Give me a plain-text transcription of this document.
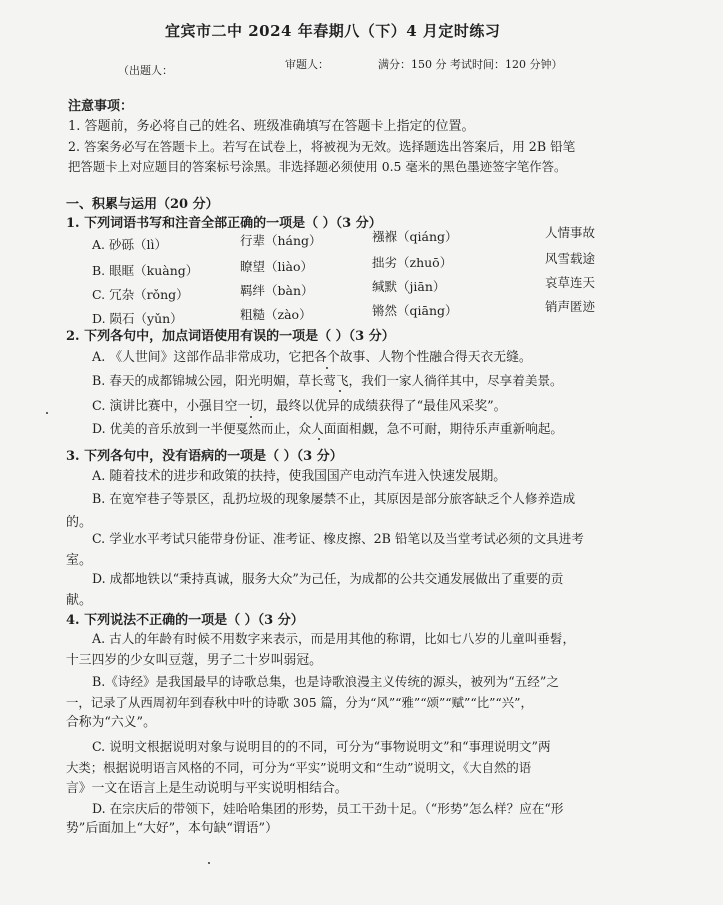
宜宾市二中 2024 年春期八（下）4 月定时练习
（出题人：	审题人：	满分：150 分 考试时间：120 分钟）
注意事项：
1. 答题前，务必将自己的姓名、班级准确填写在答题卡上指定的位置。
2. 答案务必写在答题卡上。若写在试卷上，将被视为无效。选择题选出答案后，用 2B 铅笔
把答题卡上对应题目的答案标号涂黑。非选择题必须使用 0.5 毫米的黑色墨迹签字笔作答。
一、积累与运用（20 分）
1. 下列词语书写和注音全部正确的一项是（ ）（3 分）
A. 砂砾（lì）	行辈（háng）	襁褓（qiáng）	人情事故
B. 眼眶（kuàng）	瞭望（liào）	拙劣（zhuō）	风雪载途
C. 冗杂（rǒng）	羁绊（bàn）	缄默（jiān）	哀草连天
D. 陨石（yǔn）	粗糙（zào）	锵然（qiāng）	销声匿迹
2. 下列各句中，加点词语使用有误的一项是（ ）（3 分）
A. 《人世间》这部作品非常成功，它把各个故事、人物个性融合得天衣无缝。
B. 春天的成都锦城公园，阳光明媚，草长莺飞，我们一家人徜徉其中，尽享着美景。
C. 演讲比赛中，小强目空一切，最终以优异的成绩获得了“最佳风采奖”。
D. 优美的音乐放到一半便戛然而止，众人面面相觑，急不可耐，期待乐声重新响起。
3. 下列各句中，没有语病的一项是（ ）（3 分）
A. 随着技术的进步和政策的扶持，使我国国产电动汽车进入快速发展期。
B. 在宽窄巷子等景区，乱扔垃圾的现象屡禁不止，其原因是部分旅客缺乏个人修养造成
的。
C. 学业水平考试只能带身份证、准考证、橡皮擦、2B 铅笔以及当堂考试必须的文具进考
室。
D. 成都地铁以“秉持真诚，服务大众”为己任，为成都的公共交通发展做出了重要的贡
献。
4. 下列说法不正确的一项是（ ）（3 分）
A. 古人的年龄有时候不用数字来表示，而是用其他的称谓，比如七八岁的儿童叫垂髫，
十三四岁的少女叫豆蔻，男子二十岁叫弱冠。
B.《诗经》是我国最早的诗歌总集，也是诗歌浪漫主义传统的源头，被列为“五经”之
一，记录了从西周初年到春秋中叶的诗歌 305 篇，分为“风”“雅”“颂”“赋”“比”“兴”，
合称为“六义”。
C. 说明文根据说明对象与说明目的的不同，可分为“事物说明文”和“事理说明文”两
大类；根据说明语言风格的不同，可分为“平实”说明文和“生动”说明文，《大自然的语
言》一文在语言上是生动说明与平实说明相结合。
D. 在宗庆后的带领下，娃哈哈集团的形势，员工干劲十足。（“形势”怎么样？应在“形
势”后面加上“大好”，本句缺“谓语”）
